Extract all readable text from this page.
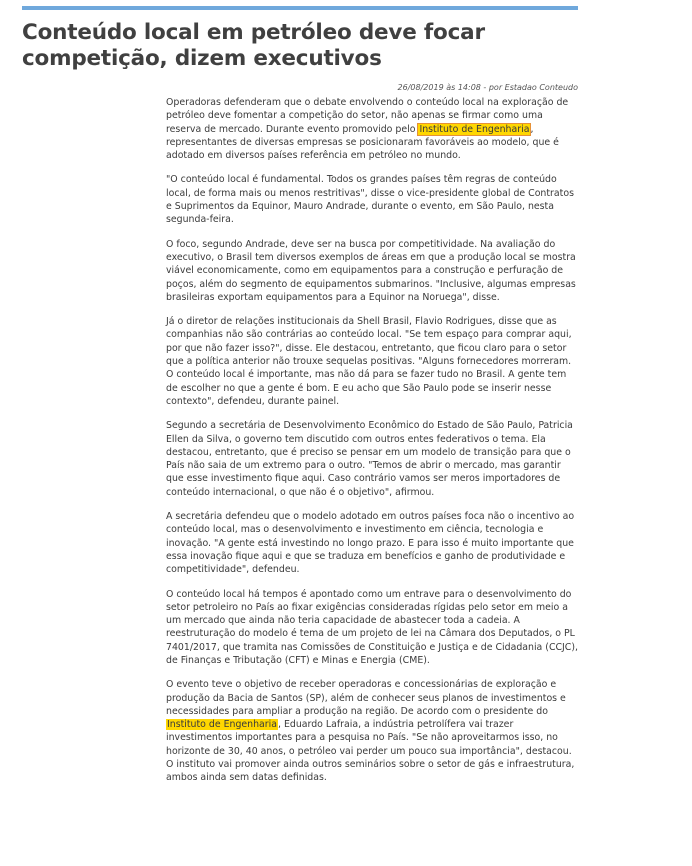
Conteúdo local em petróleo deve focar competição, dizem executivos
26/08/2019 às 14:08 - por Estadao Conteudo

Operadoras defenderam que o debate envolvendo o conteúdo local na exploração de petróleo deve fomentar a competição do setor, não apenas se firmar como uma reserva de mercado. Durante evento promovido pelo Instituto de Engenharia, representantes de diversas empresas se posicionaram favoráveis ao modelo, que é adotado em diversos países referência em petróleo no mundo.

"O conteúdo local é fundamental. Todos os grandes países têm regras de conteúdo local, de forma mais ou menos restritivas", disse o vice-presidente global de Contratos e Suprimentos da Equinor, Mauro Andrade, durante o evento, em São Paulo, nesta segunda-feira.

O foco, segundo Andrade, deve ser na busca por competitividade. Na avaliação do executivo, o Brasil tem diversos exemplos de áreas em que a produção local se mostra viável economicamente, como em equipamentos para a construção e perfuração de poços, além do segmento de equipamentos submarinos. "Inclusive, algumas empresas brasileiras exportam equipamentos para a Equinor na Noruega", disse.

Já o diretor de relações institucionais da Shell Brasil, Flavio Rodrigues, disse que as companhias não são contrárias ao conteúdo local. "Se tem espaço para comprar aqui, por que não fazer isso?", disse. Ele destacou, entretanto, que ficou claro para o setor que a política anterior não trouxe sequelas positivas. "Alguns fornecedores morreram. O conteúdo local é importante, mas não dá para se fazer tudo no Brasil. A gente tem de escolher no que a gente é bom. E eu acho que São Paulo pode se inserir nesse contexto", defendeu, durante painel.

Segundo a secretária de Desenvolvimento Econômico do Estado de São Paulo, Patricia Ellen da Silva, o governo tem discutido com outros entes federativos o tema. Ela destacou, entretanto, que é preciso se pensar em um modelo de transição para que o País não saia de um extremo para o outro. "Temos de abrir o mercado, mas garantir que esse investimento fique aqui. Caso contrário vamos ser meros importadores de conteúdo internacional, o que não é o objetivo", afirmou.

A secretária defendeu que o modelo adotado em outros países foca não o incentivo ao conteúdo local, mas o desenvolvimento e investimento em ciência, tecnologia e inovação. "A gente está investindo no longo prazo. E para isso é muito importante que essa inovação fique aqui e que se traduza em benefícios e ganho de produtividade e competitividade", defendeu.

O conteúdo local há tempos é apontado como um entrave para o desenvolvimento do setor petroleiro no País ao fixar exigências consideradas rígidas pelo setor em meio a um mercado que ainda não teria capacidade de abastecer toda a cadeia. A reestruturação do modelo é tema de um projeto de lei na Câmara dos Deputados, o PL 7401/2017, que tramita nas Comissões de Constituição e Justiça e de Cidadania (CCJC), de Finanças e Tributação (CFT) e Minas e Energia (CME).

O evento teve o objetivo de receber operadoras e concessionárias de exploração e produção da Bacia de Santos (SP), além de conhecer seus planos de investimentos e necessidades para ampliar a produção na região. De acordo com o presidente do Instituto de Engenharia, Eduardo Lafraia, a indústria petrolífera vai trazer investimentos importantes para a pesquisa no País. "Se não aproveitarmos isso, no horizonte de 30, 40 anos, o petróleo vai perder um pouco sua importância", destacou. O instituto vai promover ainda outros seminários sobre o setor de gás e infraestrutura, ambos ainda sem datas definidas.
